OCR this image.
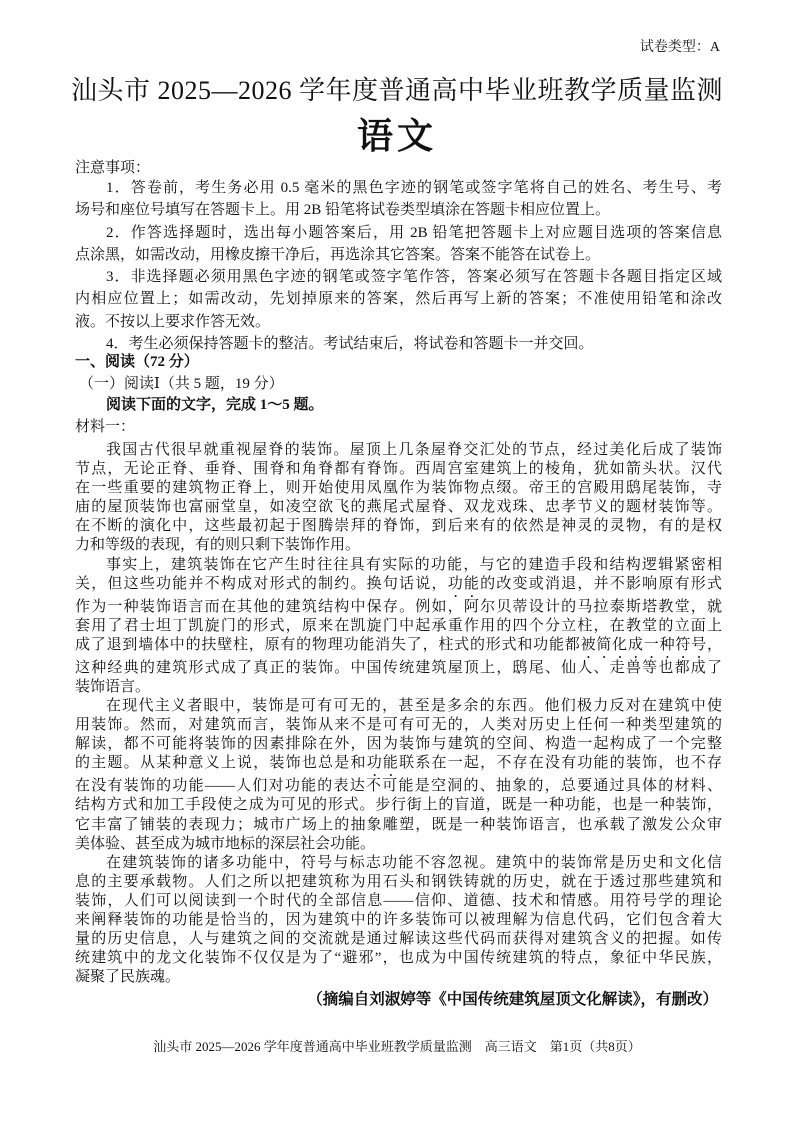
试卷类型：A
汕头市 2025—2026 学年度普通高中毕业班教学质量监测
语文
注意事项：
1．答卷前，考生务必用 0.5 毫米的黑色字迹的钢笔或签字笔将自己的姓名、考生号、考
场号和座位号填写在答题卡上。用 2B 铅笔将试卷类型填涂在答题卡相应位置上。
2．作答选择题时，选出每小题答案后，用 2B 铅笔把答题卡上对应题目选项的答案信息
点涂黑，如需改动，用橡皮擦干净后，再选涂其它答案。答案不能答在试卷上。
3．非选择题必须用黑色字迹的钢笔或签字笔作答，答案必须写在答题卡各题目指定区域
内相应位置上；如需改动，先划掉原来的答案，然后再写上新的答案；不准使用铅笔和涂改
液。不按以上要求作答无效。
4．考生必须保持答题卡的整洁。考试结束后，将试卷和答题卡一并交回。
一、阅读（72 分）
（一）阅读Ⅰ（共 5 题，19 分）
阅读下面的文字，完成 1～5 题。
材料一：
我国古代很早就重视屋脊的装饰。屋顶上几条屋脊交汇处的节点，经过美化后成了装饰
节点，无论正脊、垂脊、围脊和角脊都有脊饰。西周宫室建筑上的棱角，犹如箭头状。汉代
在一些重要的建筑物正脊上，则开始使用凤凰作为装饰物点缀。帝王的宫殿用鸱尾装饰，寺
庙的屋顶装饰也富丽堂皇，如凌空欲飞的燕尾式屋脊、双龙戏珠、忠孝节义的题材装饰等。
在不断的演化中，这些最初起于图腾崇拜的脊饰，到后来有的依然是神灵的灵物，有的是权
力和等级的表现，有的则只剩下装饰作用。
事实上，建筑装饰在它产生时往往具有实际的功能，与它的建造手段和结构逻辑紧密相
关，但这些功能并不构成对形式的制约。换句话说，功能的改变或消退，并不影响原有形式
作为一种装饰语言而在其他的建筑结构中保存。例如，阿尔贝蒂设计的马拉泰斯塔教堂，就
套用了君士坦丁凯旋门的形式，原来在凯旋门中起承重作用的四个分立柱，在教堂的立面上
成了退到墙体中的扶壁柱，原有的物理功能消失了，柱式的形式和功能都被简化成一种符号，
这种经典的建筑形式成了真正的装饰。中国传统建筑屋顶上，鸱尾、仙人、走兽等也都成了
装饰语言。
在现代主义者眼中，装饰是可有可无的，甚至是多余的东西。他们极力反对在建筑中使
用装饰。然而，对建筑而言，装饰从来不是可有可无的，人类对历史上任何一种类型建筑的
解读，都不可能将装饰的因素排除在外，因为装饰与建筑的空间、构造一起构成了一个完整
的主题。从某种意义上说，装饰也总是和功能联系在一起，不存在没有功能的装饰，也不存
在没有装饰的功能——人们对功能的表达不可能是空洞的、抽象的，总要通过具体的材料、
结构方式和加工手段使之成为可见的形式。步行街上的盲道，既是一种功能，也是一种装饰，
它丰富了铺装的表现力；城市广场上的抽象雕塑，既是一种装饰语言，也承载了激发公众审
美体验、甚至成为城市地标的深层社会功能。
在建筑装饰的诸多功能中，符号与标志功能不容忽视。建筑中的装饰常是历史和文化信
息的主要承载物。人们之所以把建筑称为用石头和钢铁铸就的历史，就在于透过那些建筑和
装饰，人们可以阅读到一个时代的全部信息——信仰、道德、技术和情感。用符号学的理论
来阐释装饰的功能是恰当的，因为建筑中的许多装饰可以被理解为信息代码，它们包含着大
量的历史信息，人与建筑之间的交流就是通过解读这些代码而获得对建筑含义的把握。如传
统建筑中的龙文化装饰不仅仅是为了“避邪”，也成为中国传统建筑的特点，象征中华民族，
凝聚了民族魂。
（摘编自刘淑婷等《中国传统建筑屋顶文化解读》，有删改）
汕头市 2025—2026 学年度普通高中毕业班教学质量监测　高三语文　第1页（共8页）
